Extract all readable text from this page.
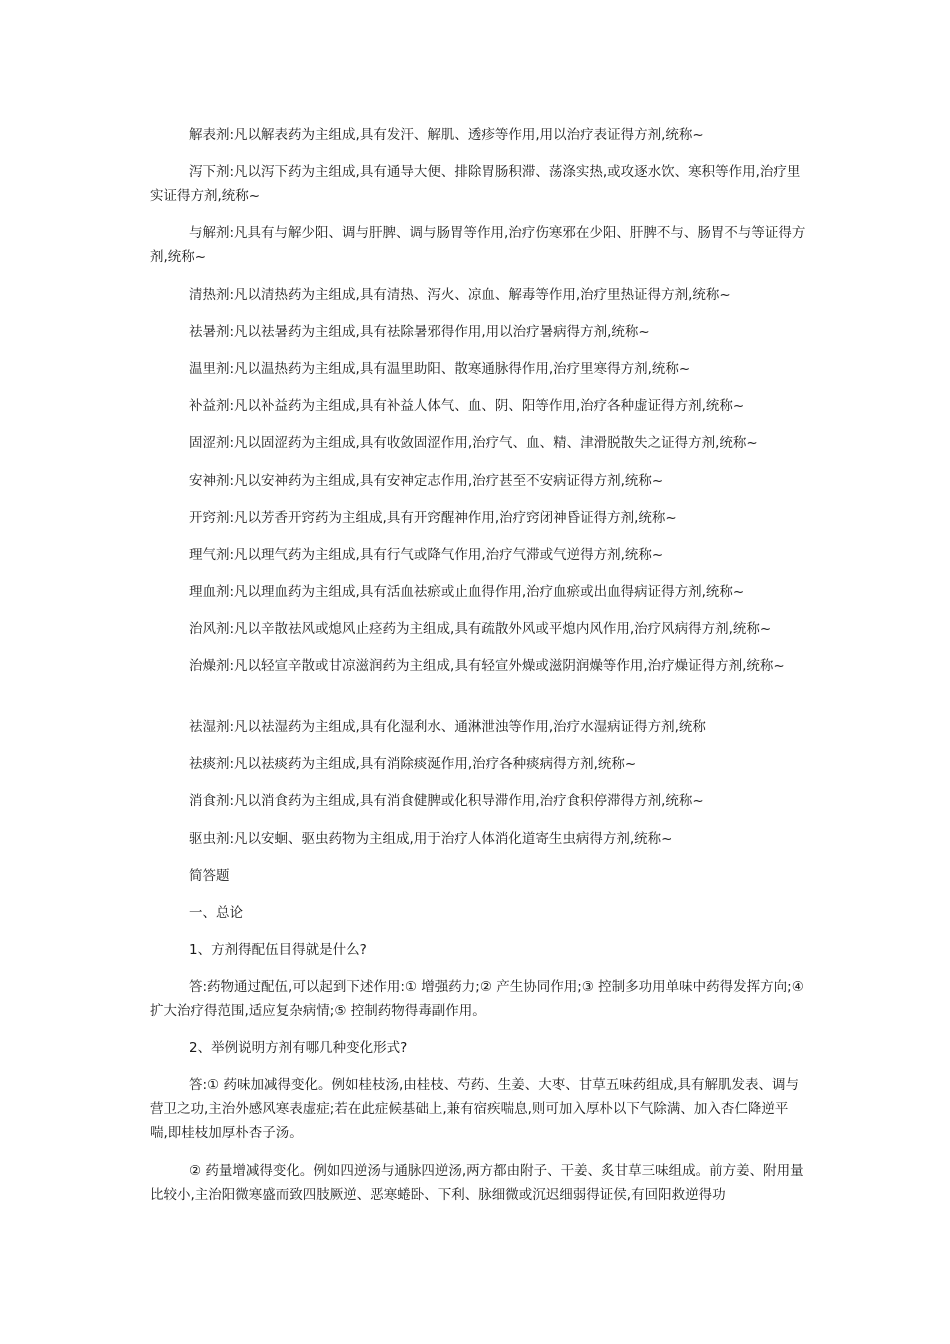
解表剂:凡以解表药为主组成,具有发汗、解肌、透疹等作用,用以治疗表证得方剂,统称~

泻下剂:凡以泻下药为主组成,具有通导大便、排除胃肠积滞、荡涤实热,或攻逐水饮、寒积等作用,治疗里实证得方剂,统称~

与解剂:凡具有与解少阳、调与肝脾、调与肠胃等作用,治疗伤寒邪在少阳、肝脾不与、肠胃不与等证得方剂,统称~

清热剂:凡以清热药为主组成,具有清热、泻火、凉血、解毒等作用,治疗里热证得方剂,统称~

祛暑剂:凡以祛暑药为主组成,具有祛除暑邪得作用,用以治疗暑病得方剂,统称~

温里剂:凡以温热药为主组成,具有温里助阳、散寒通脉得作用,治疗里寒得方剂,统称~

补益剂:凡以补益药为主组成,具有补益人体气、血、阴、阳等作用,治疗各种虚证得方剂,统称~

固涩剂:凡以固涩药为主组成,具有收敛固涩作用,治疗气、血、精、津滑脱散失之证得方剂,统称~

安神剂:凡以安神药为主组成,具有安神定志作用,治疗甚至不安病证得方剂,统称~

开窍剂:凡以芳香开窍药为主组成,具有开窍醒神作用,治疗窍闭神昏证得方剂,统称~

理气剂:凡以理气药为主组成,具有行气或降气作用,治疗气滞或气逆得方剂,统称~

理血剂:凡以理血药为主组成,具有活血祛瘀或止血得作用,治疗血瘀或出血得病证得方剂,统称~

治风剂:凡以辛散祛风或熄风止痉药为主组成,具有疏散外风或平熄内风作用,治疗风病得方剂,统称~

治燥剂:凡以轻宣辛散或甘凉滋润药为主组成,具有轻宣外燥或滋阴润燥等作用,治疗燥证得方剂,统称~

祛湿剂:凡以祛湿药为主组成,具有化湿利水、通淋泄浊等作用,治疗水湿病证得方剂,统称

祛痰剂:凡以祛痰药为主组成,具有消除痰涎作用,治疗各种痰病得方剂,统称~

消食剂:凡以消食药为主组成,具有消食健脾或化积导滞作用,治疗食积停滞得方剂,统称~

驱虫剂:凡以安蛔、驱虫药物为主组成,用于治疗人体消化道寄生虫病得方剂,统称~

简答题

一、总论

1、方剂得配伍目得就是什么?

答:药物通过配伍,可以起到下述作用:① 增强药力;② 产生协同作用;③ 控制多功用单味中药得发挥方向;④ 扩大治疗得范围,适应复杂病情;⑤ 控制药物得毒副作用。

2、举例说明方剂有哪几种变化形式?

答:① 药味加减得变化。例如桂枝汤,由桂枝、芍药、生姜、大枣、甘草五味药组成,具有解肌发表、调与营卫之功,主治外感风寒表虚症;若在此症候基础上,兼有宿疾喘息,则可加入厚朴以下气除满、加入杏仁降逆平喘,即桂枝加厚朴杏子汤。

② 药量增减得变化。例如四逆汤与通脉四逆汤,两方都由附子、干姜、炙甘草三味组成。前方姜、附用量比较小,主治阳微寒盛而致四肢厥逆、恶寒蜷卧、下利、脉细微或沉迟细弱得证侯,有回阳救逆得功
